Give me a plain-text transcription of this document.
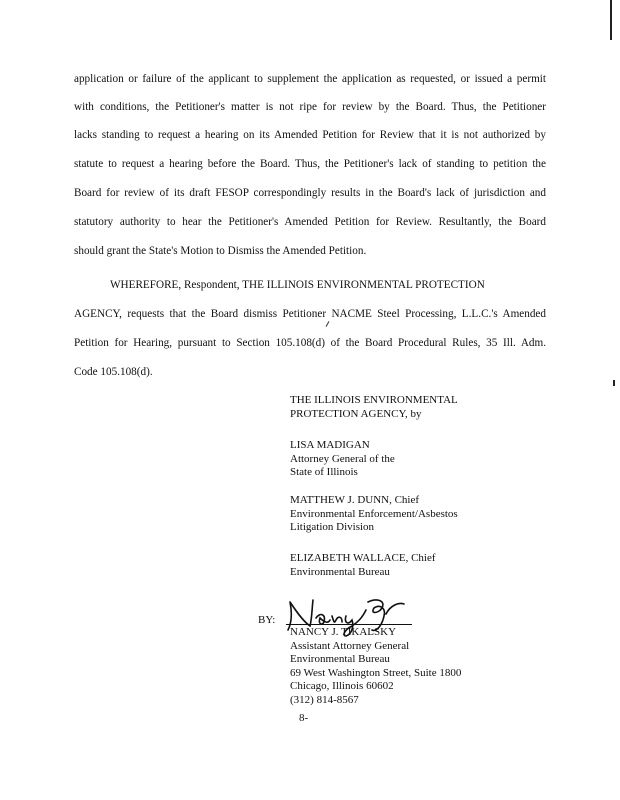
application or failure of the applicant to supplement the application as requested, or issued a permit
with conditions, the Petitioner's matter is not ripe for review by the Board. Thus, the Petitioner
lacks standing to request a hearing on its Amended Petition for Review that it is not authorized by
statute to request a hearing before the Board. Thus, the Petitioner's lack of standing to petition the
Board for review of its draft FESOP correspondingly results in the Board's lack of jurisdiction and
statutory authority to hear the Petitioner's Amended Petition for Review. Resultantly, the Board
should grant the State's Motion to Dismiss the Amended Petition.
WHEREFORE, Respondent, THE ILLINOIS ENVIRONMENTAL PROTECTION
AGENCY, requests that the Board dismiss Petitioner NACME Steel Processing, L.L.C.'s Amended
Petition for Hearing, pursuant to Section 105.108(d) of the Board Procedural Rules, 35 Ill. Adm.
Code 105.108(d).
THE ILLINOIS ENVIRONMENTAL
PROTECTION AGENCY, by
LISA MADIGAN
Attorney General of the
State of Illinois
MATTHEW J. DUNN, Chief
Environmental Enforcement/Asbestos
Litigation Division
ELIZABETH WALLACE, Chief
Environmental Bureau
BY:
NANCY J. TIKALSKY
Assistant Attorney General
Environmental Bureau
69 West Washington Street, Suite 1800
Chicago, Illinois 60602
(312) 814-8567
8-
